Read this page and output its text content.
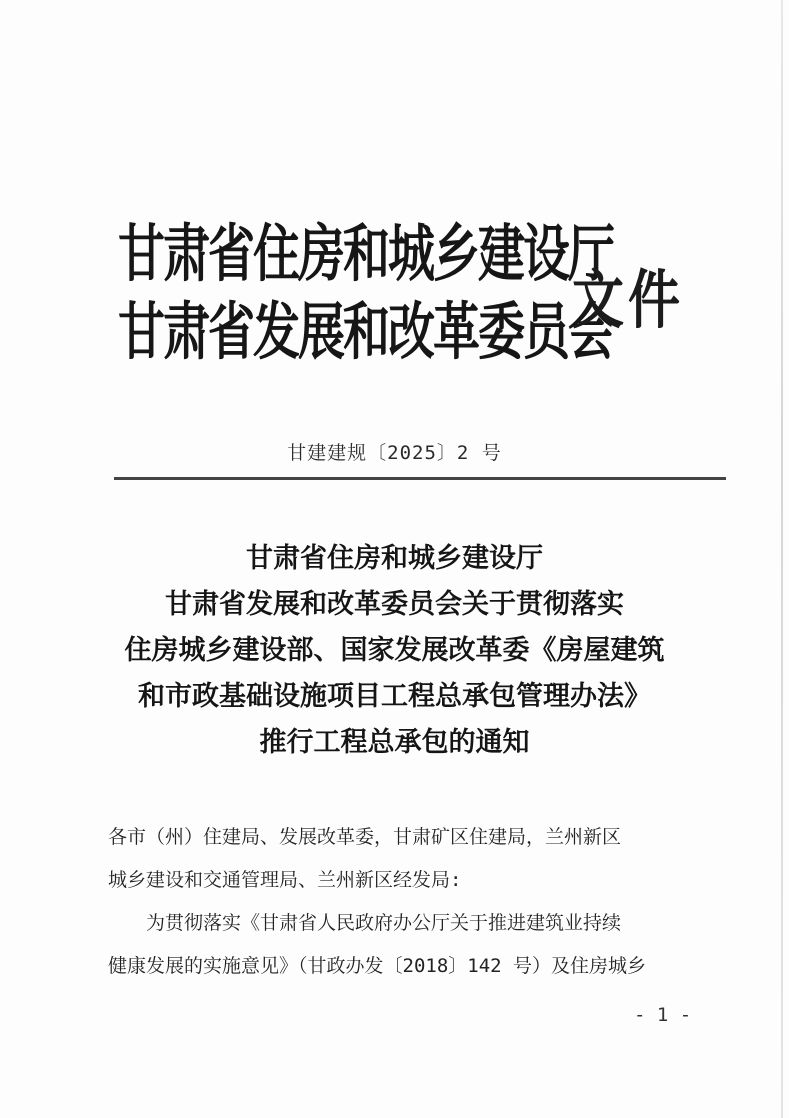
甘肃省住房和城乡建设厅
甘肃省发展和改革委员会
文件
甘建建规〔2025〕2 号
甘肃省住房和城乡建设厅
甘肃省发展和改革委员会关于贯彻落实
住房城乡建设部、国家发展改革委《房屋建筑
和市政基础设施项目工程总承包管理办法》
推行工程总承包的通知
各市（州）住建局、发展改革委，甘肃矿区住建局，兰州新区
城乡建设和交通管理局、兰州新区经发局:
为贯彻落实《甘肃省人民政府办公厅关于推进建筑业持续
健康发展的实施意见》（甘政办发〔2018〕142 号）及住房城乡
- 1 -
